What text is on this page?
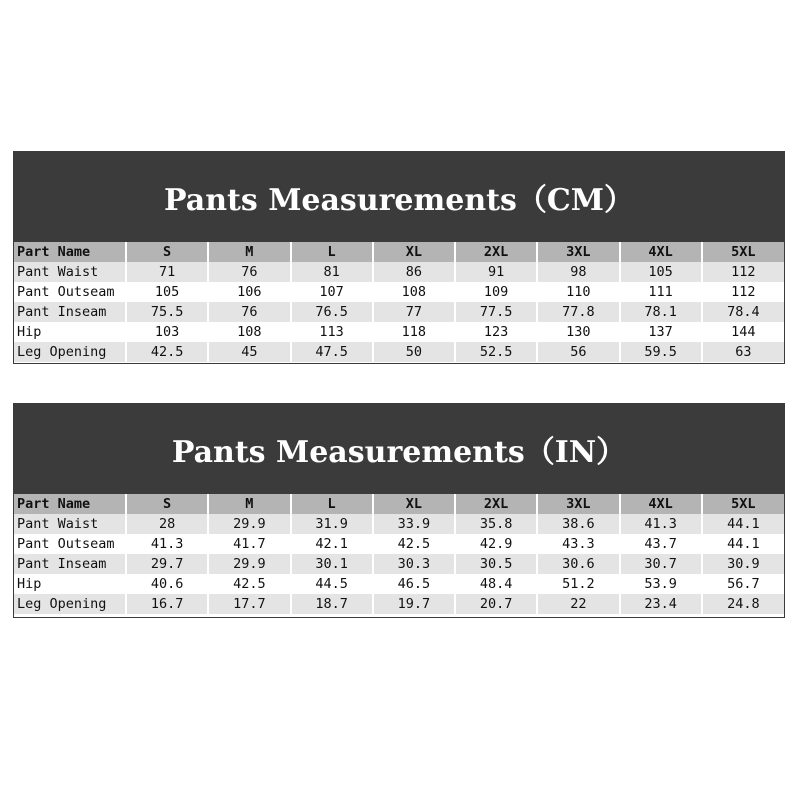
Pants Measurements（CM）
Part Name	S	M	L	XL	2XL	3XL	4XL	5XL
Pant Waist	71	76	81	86	91	98	105	112
Pant Outseam	105	106	107	108	109	110	111	112
Pant Inseam	75.5	76	76.5	77	77.5	77.8	78.1	78.4
Hip	103	108	113	118	123	130	137	144
Leg Opening	42.5	45	47.5	50	52.5	56	59.5	63
Pants Measurements（IN）
Part Name	S	M	L	XL	2XL	3XL	4XL	5XL
Pant Waist	28	29.9	31.9	33.9	35.8	38.6	41.3	44.1
Pant Outseam	41.3	41.7	42.1	42.5	42.9	43.3	43.7	44.1
Pant Inseam	29.7	29.9	30.1	30.3	30.5	30.6	30.7	30.9
Hip	40.6	42.5	44.5	46.5	48.4	51.2	53.9	56.7
Leg Opening	16.7	17.7	18.7	19.7	20.7	22	23.4	24.8
